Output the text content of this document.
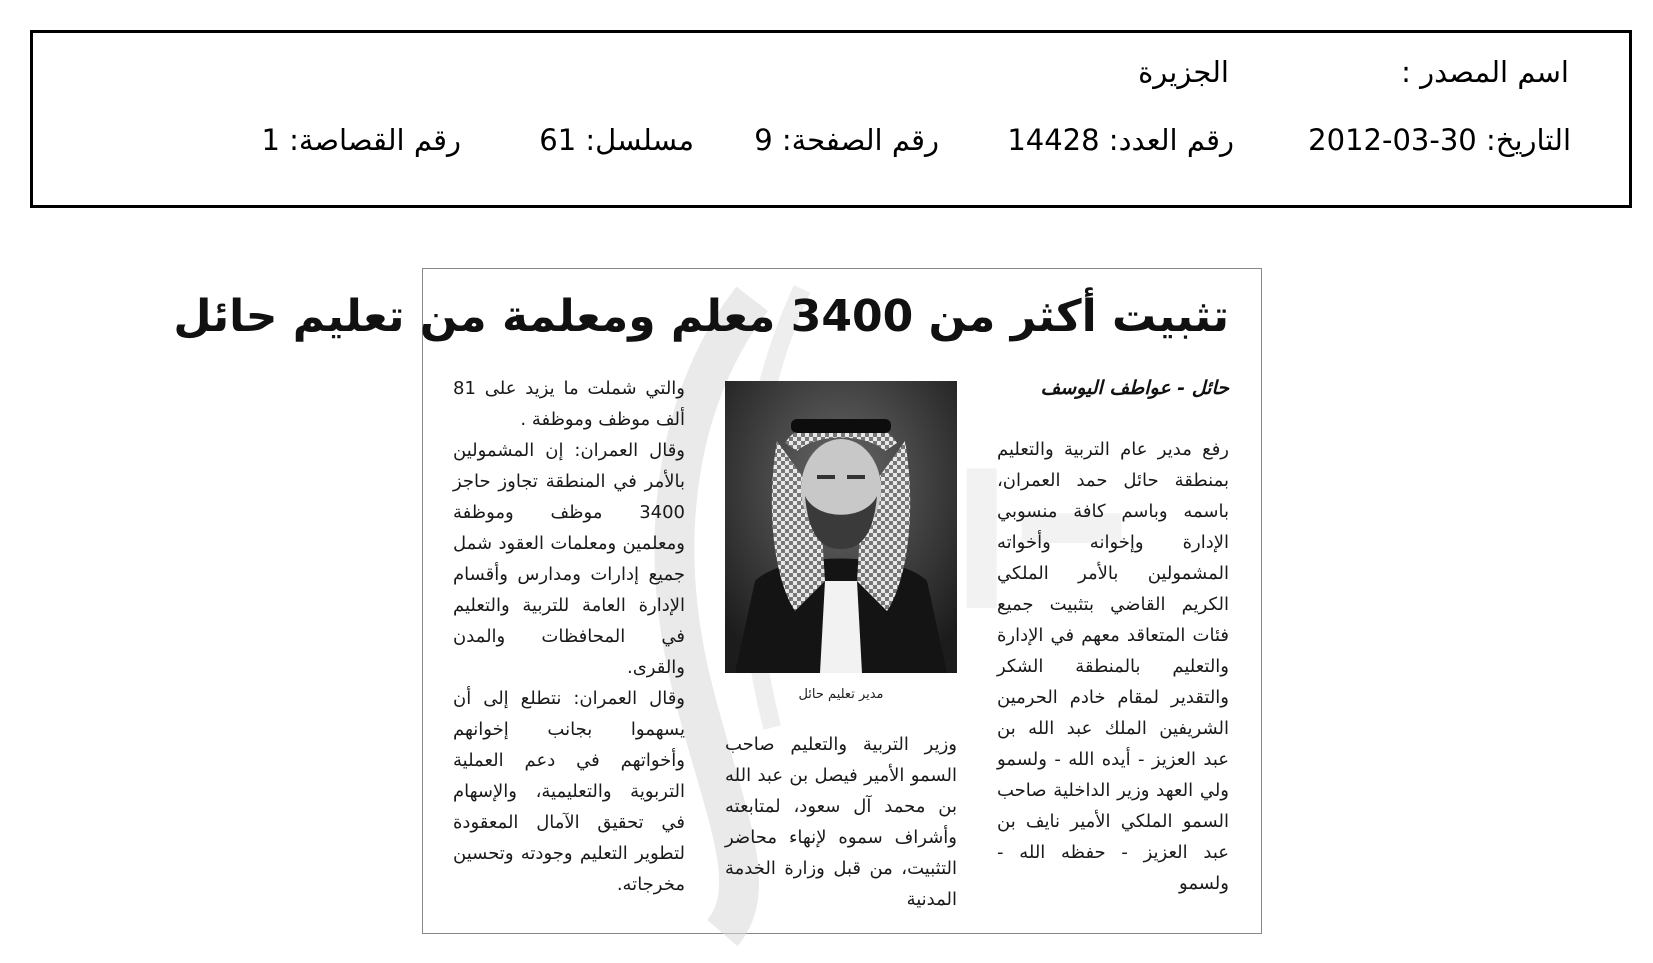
اسم المصدر :
الجزيرة
التاريخ: 30-03-2012
رقم العدد: 14428
رقم الصفحة: 9
مسلسل: 61
رقم القصاصة: 1
تثبيت أكثر من 3400 معلم ومعلمة من تعليم حائل
حائل - عواطف اليوسف

رفع مدير عام التربية والتعليم بمنطقة حائل حمد العمران، باسمه وباسم كافة منسوبي الإدارة وإخوانه وأخواته المشمولين بالأمر الملكي الكريم القاضي بتثبيت جميع فئات المتعاقد معهم في الإدارة والتعليم بالمنطقة الشكر والتقدير لمقام خادم الحرمين الشريفين الملك عبد الله بن عبد العزيز - أيده الله - ولسمو ولي العهد وزير الداخلية صاحب السمو الملكي الأمير نايف بن عبد العزيز - حفظه الله - ولسمو

مدير تعليم حائل

وزير التربية والتعليم صاحب السمو الأمير فيصل بن عبد الله بن محمد آل سعود، لمتابعته وأشراف سموه لإنهاء محاضر التثبيت، من قبل وزارة الخدمة المدنية

والتي شملت ما يزيد على 81 ألف موظف وموظفة .

وقال العمران: إن المشمولين بالأمر في المنطقة تجاوز حاجز 3400 موظف وموظفة ومعلمين ومعلمات العقود شمل جميع إدارات ومدارس وأقسام الإدارة العامة للتربية والتعليم في المحافظات والمدن والقرى.

وقال العمران: نتطلع إلى أن يسهموا بجانب إخوانهم وأخواتهم في دعم العملية التربوية والتعليمية، والإسهام في تحقيق الآمال المعقودة لتطوير التعليم وجودته وتحسين مخرجاته.
